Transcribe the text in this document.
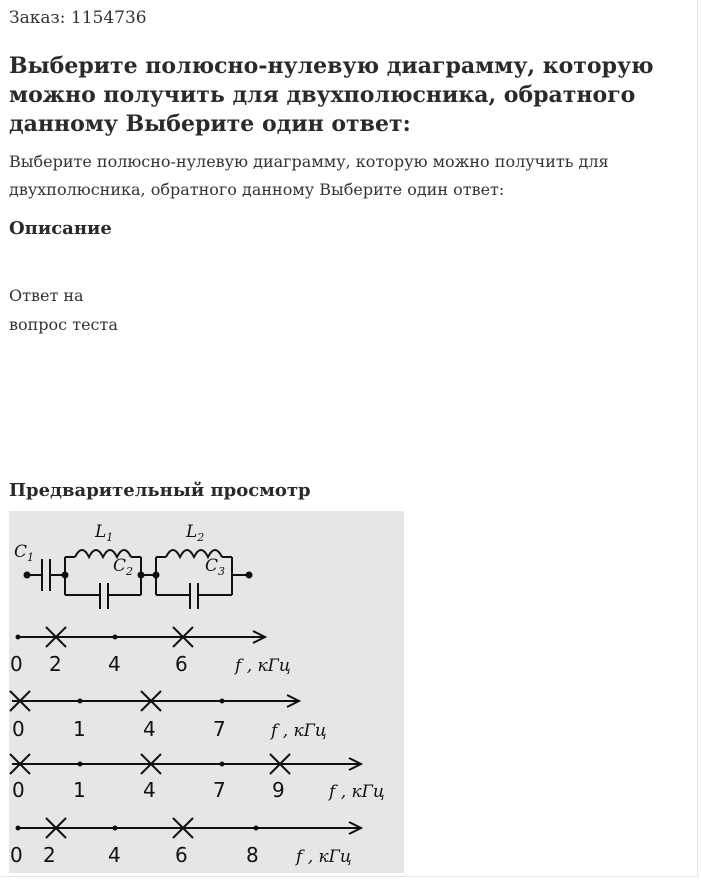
Заказ: 1154736
Выберите полюсно-нулевую диаграмму, которую можно получить для двухполюсника, обратного данному Выберите один ответ:
Выберите полюсно-нулевую диаграмму, которую можно получить для двухполюсника, обратного данному Выберите один ответ:
Описание
Ответ на
вопрос теста
Предварительный просмотр
$C_1$
$L_1$
$C_2$
$L_2$
$C_3$
0 2 4	6	f , кГц
0 1	4	7	f , кГц
0 1	4	7 9	f , кГц
0 2	4	6	8 f , кГц
